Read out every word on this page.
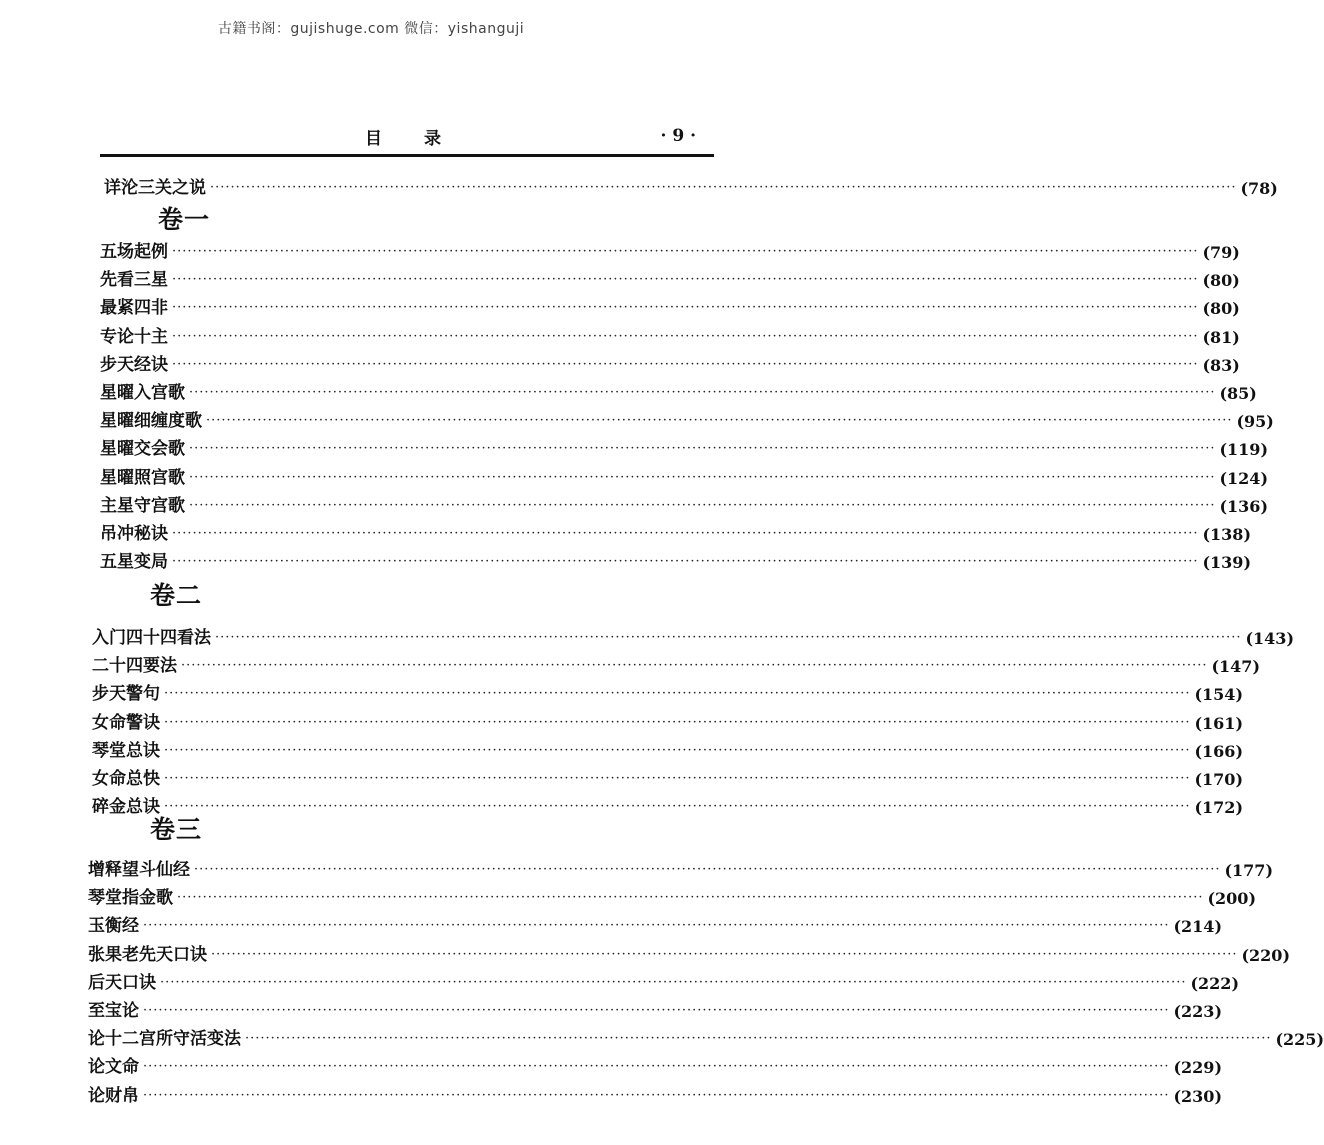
古籍书阁：gujishuge.com 微信：yishanguji
目录	· 9 ·
详沦三关之说 ········································································································································································································ (78)
卷一
五场起例 ········································································································································································································ (79)
先看三星 ········································································································································································································ (80)
最紧四非 ········································································································································································································ (80)
专论十主 ········································································································································································································ (81)
步天经诀 ········································································································································································································ (83)
星曜入宫歌 ········································································································································································································ (85)
星曜细缠度歌 ········································································································································································································ (95)
星曜交会歌 ········································································································································································································ (119)
星曜照宫歌 ········································································································································································································ (124)
主星守宫歌 ········································································································································································································ (136)
吊冲秘诀 ········································································································································································································ (138)
五星变局 ········································································································································································································ (139)
卷二
入门四十四看法 ········································································································································································································ (143)
二十四要法 ········································································································································································································ (147)
步天警句 ········································································································································································································ (154)
女命警诀 ········································································································································································································ (161)
琴堂总诀 ········································································································································································································ (166)
女命总快 ········································································································································································································ (170)
碎金总诀 ········································································································································································································ (172)
卷三
增释望斗仙经 ········································································································································································································ (177)
琴堂指金歌 ········································································································································································································ (200)
玉衡经 ········································································································································································································ (214)
张果老先天口诀 ········································································································································································································ (220)
后天口诀 ········································································································································································································ (222)
至宝论 ········································································································································································································ (223)
论十二宫所守活变法 ········································································································································································································ (225)
论文命 ········································································································································································································ (229)
论财帛 ········································································································································································································ (230)
